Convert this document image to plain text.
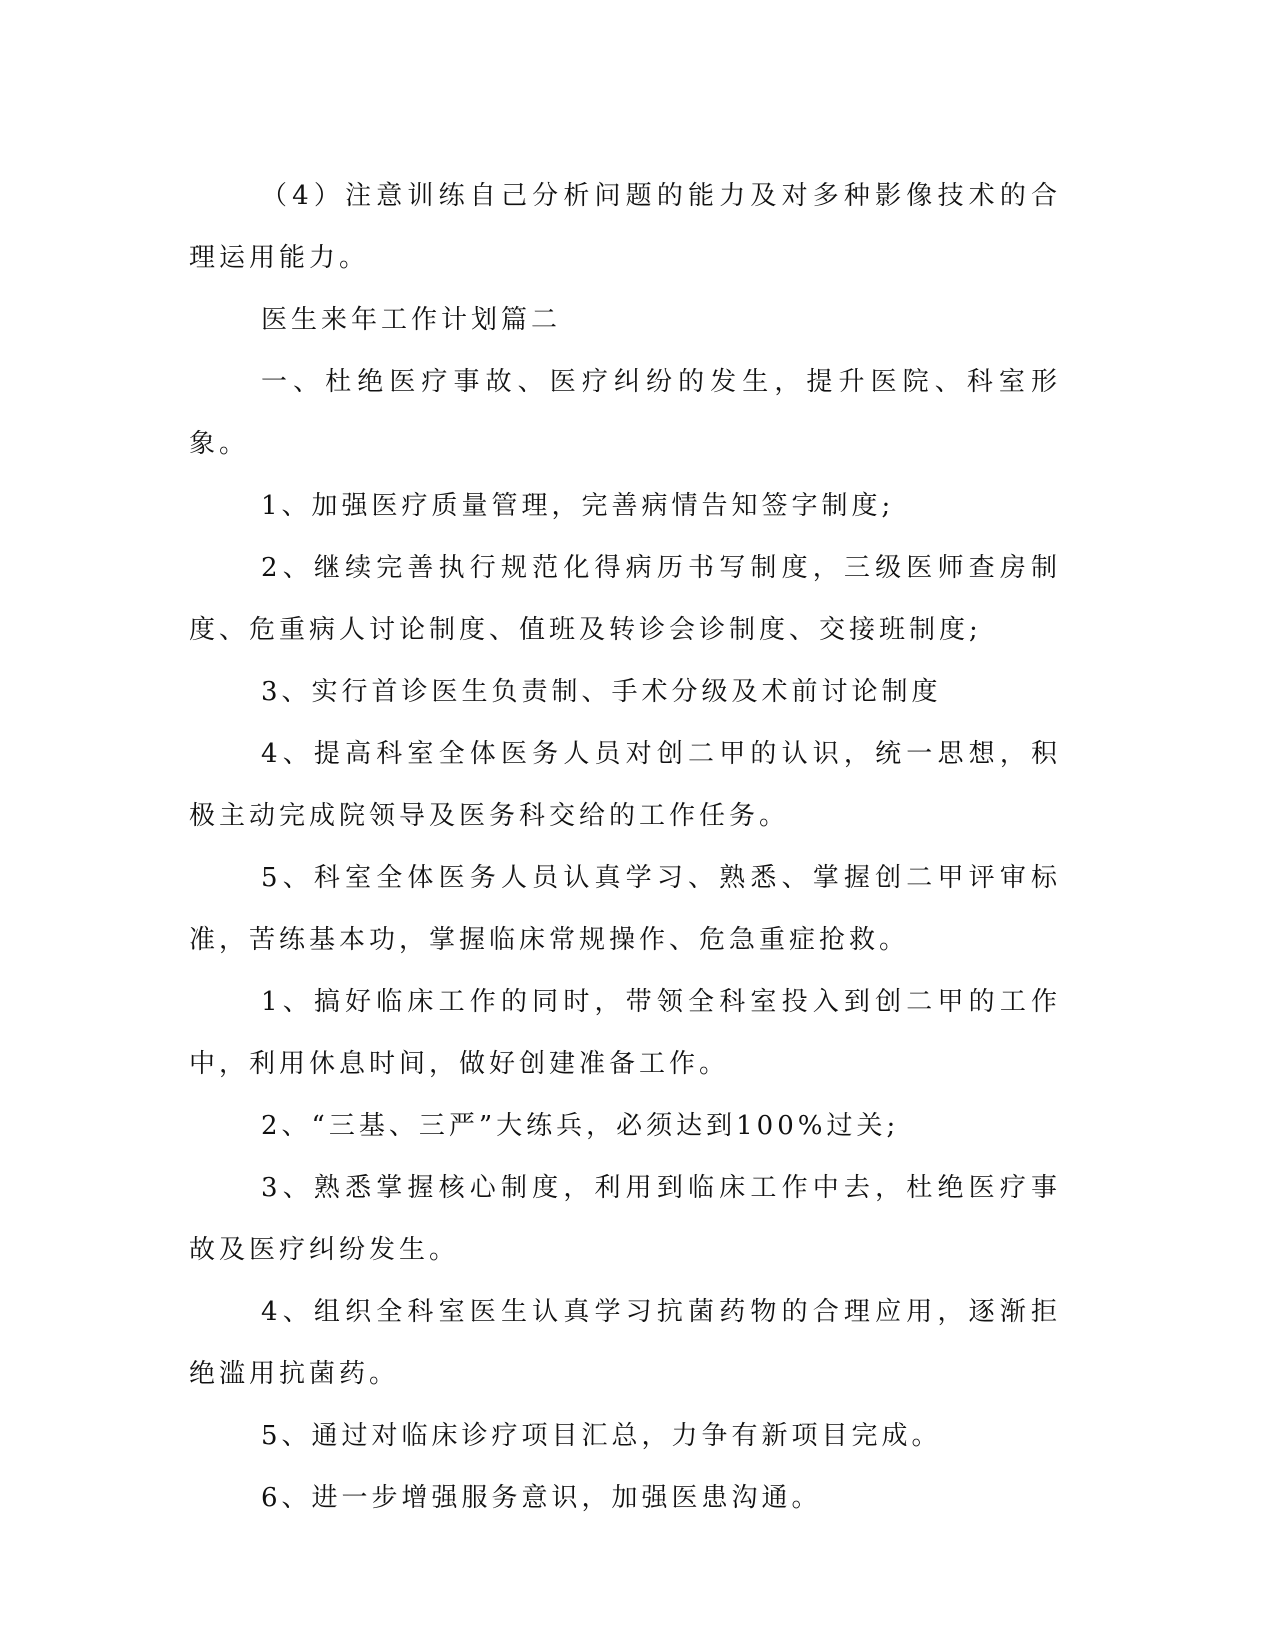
（4）注意训练自己分析问题的能力及对多种影像技术的合理运用能力。

医生来年工作计划篇二

一、杜绝医疗事故、医疗纠纷的发生，提升医院、科室形象。

1、加强医疗质量管理，完善病情告知签字制度;

2、继续完善执行规范化得病历书写制度，三级医师查房制度、危重病人讨论制度、值班及转诊会诊制度、交接班制度;

3、实行首诊医生负责制、手术分级及术前讨论制度

4、提高科室全体医务人员对创二甲的认识，统一思想，积极主动完成院领导及医务科交给的工作任务。

5、科室全体医务人员认真学习、熟悉、掌握创二甲评审标准，苦练基本功，掌握临床常规操作、危急重症抢救。

1、搞好临床工作的同时，带领全科室投入到创二甲的工作中，利用休息时间，做好创建准备工作。

2、“三基、三严”大练兵，必须达到100%过关;

3、熟悉掌握核心制度，利用到临床工作中去，杜绝医疗事故及医疗纠纷发生。

4、组织全科室医生认真学习抗菌药物的合理应用，逐渐拒绝滥用抗菌药。

5、通过对临床诊疗项目汇总，力争有新项目完成。

6、进一步增强服务意识，加强医患沟通。
